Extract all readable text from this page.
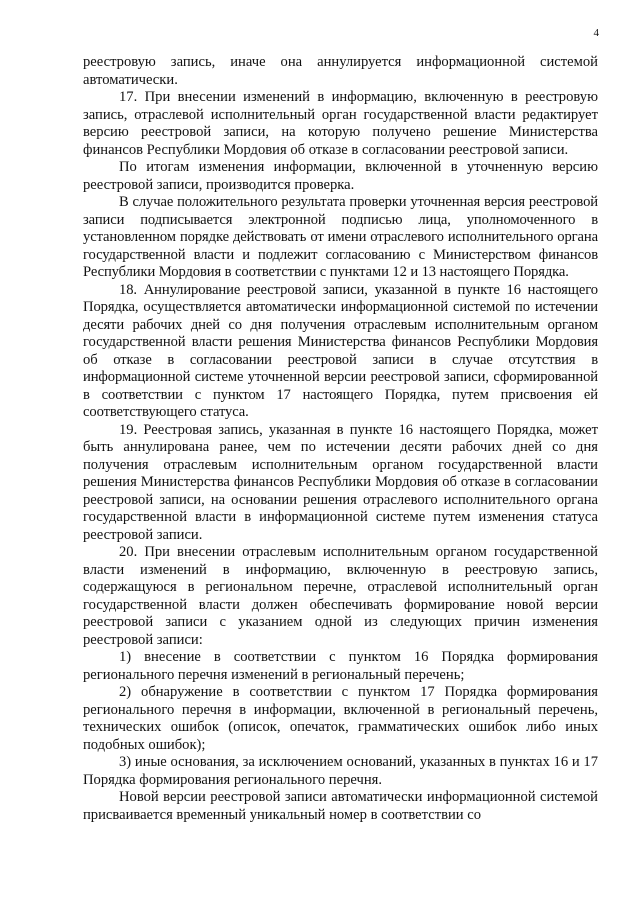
4

реестровую запись, иначе она аннулируется информационной системой автоматически.

17. При внесении изменений в информацию, включенную в реестровую запись, отраслевой исполнительный орган государственной власти редактирует версию реестровой записи, на которую получено решение Министерства финансов Республики Мордовия об отказе в согласовании реестровой записи.

По итогам изменения информации, включенной в уточненную версию реестровой записи, производится проверка.

В случае положительного результата проверки уточненная версия реестровой записи подписывается электронной подписью лица, уполномоченного в установленном порядке действовать от имени отраслевого исполнительного органа государственной власти и подлежит согласованию с Министерством финансов Республики Мордовия в соответствии с пунктами 12 и 13 настоящего Порядка.

18. Аннулирование реестровой записи, указанной в пункте 16 настоящего Порядка, осуществляется автоматически информационной системой по истечении десяти рабочих дней со дня получения отраслевым исполнительным органом государственной власти решения Министерства финансов Республики Мордовия об отказе в согласовании реестровой записи в случае отсутствия в информационной системе уточненной версии реестровой записи, сформированной в соответствии с пунктом 17 настоящего Порядка, путем присвоения ей соответствующего статуса.

19. Реестровая запись, указанная в пункте 16 настоящего Порядка, может быть аннулирована ранее, чем по истечении десяти рабочих дней со дня получения отраслевым исполнительным органом государственной власти решения Министерства финансов Республики Мордовия об отказе в согласовании реестровой записи, на основании решения отраслевого исполнительного органа государственной власти в информационной системе путем изменения статуса реестровой записи.

20. При внесении отраслевым исполнительным органом государственной власти изменений в информацию, включенную в реестровую запись, содержащуюся в региональном перечне, отраслевой исполнительный орган государственной власти должен обеспечивать формирование новой версии реестровой записи с указанием одной из следующих причин изменения реестровой записи:

1) внесение в соответствии с пунктом 16 Порядка формирования регионального перечня изменений в региональный перечень;

2) обнаружение в соответствии с пунктом 17 Порядка формирования регионального перечня в информации, включенной в региональный перечень, технических ошибок (описок, опечаток, грамматических ошибок либо иных подобных ошибок);

3) иные основания, за исключением оснований, указанных в пунктах 16 и 17 Порядка формирования регионального перечня.

Новой версии реестровой записи автоматически информационной системой присваивается временный уникальный номер в соответствии со
